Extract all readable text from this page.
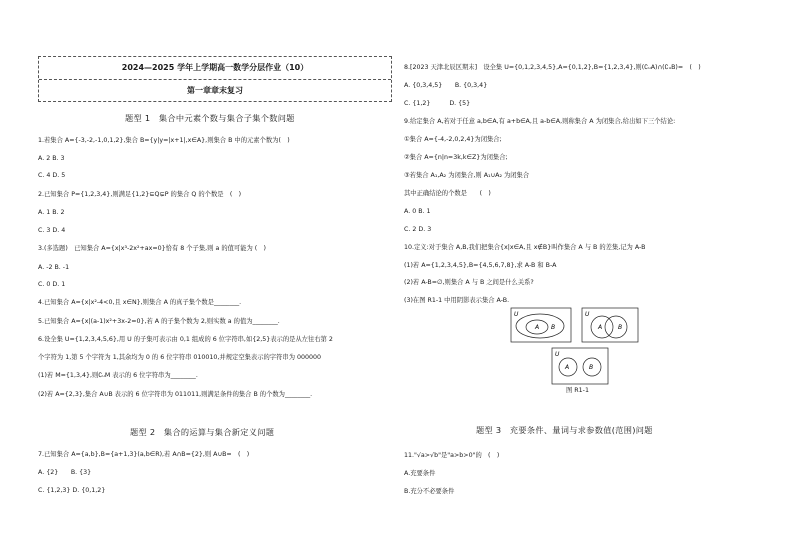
2024—2025 学年上学期高一数学分层作业（10）
第一章章末复习
题型 1　集合中元素个数与集合子集个数问题
1.若集合 A={-3,-2,-1,0,1,2},集合 B={y|y=|x+1|,x∈A},则集合 B 中的元素个数为(　)
A. 2 B. 3
C. 4 D. 5
2.已知集合 P={1,2,3,4},则满足{1,2}⊆Q⊊P 的集合 Q 的个数是　(　)
A. 1 B. 2
C. 3 D. 4
3.(多选题)　已知集合 A={x|x³-2x²+ax=0}恰有 8 个子集,则 a 的值可能为 (　)
A. -2 B. -1
C. 0 D. 1
4.已知集合 A={x|x²-4<0,且 x∈N},则集合 A 的真子集个数是________.
5.已知集合 A={x|(a-1)x²+3x-2=0},若 A 的子集个数为 2,则实数 a 的值为________.
6.设全集 U={1,2,3,4,5,6},用 U 的子集可表示由 0,1 组成的 6 位字符串,如{2,5}表示的是从左往右第 2
个字符为 1,第 5 个字符为 1,其余均为 0 的 6 位字符串 010010,并规定空集表示的字符串为 000000
(1)若 M={1,3,4},则∁ᵤM 表示的 6 位字符串为________.
(2)若 A={2,3},集合 A∪B 表示的 6 位字符串为 011011,则满足条件的集合 B 的个数为________.
题型 2　集合的运算与集合新定义问题
7.已知集合 A={a,b},B={a+1,3}(a,b∈R),若 A∩B={2},则 A∪B=　(　)
A. {2}　　B. {3}
C. {1,2,3} D. {0,1,2}
8.[2023 天津北辰区期末]　设全集 U={0,1,2,3,4,5},A={0,1,2},B={1,2,3,4},则(∁ᵤA)∩(∁ᵤB)=　(　)
A. {0,3,4,5}　　B. {0,3,4}
C. {1,2}　　　D. {5}
9.给定集合 A,若对于任意 a,b∈A,有 a+b∈A,且 a-b∈A,则称集合 A 为闭集合,给出如下三个结论:
①集合 A={-4,-2,0,2,4}为闭集合;
②集合 A={n|n=3k,k∈Z}为闭集合;
③若集合 A₁,A₂ 为闭集合,则 A₁∪A₂ 为闭集合
其中正确结论的个数是　　(　)
A. 0 B. 1
C. 2 D. 3
10.定义:对于集合 A,B,我们把集合{x|x∈A,且 x∉B}叫作集合 A 与 B 的差集,记为 A-B
(1)若 A={1,2,3,4,5},B={4,5,6,7,8},求 A-B 和 B-A
(2)若 A-B=∅,则集合 A 与 B 之间是什么关系?
(3)在图 R1-1 中用阴影表示集合 A-B.
U
A B
U
A	B
U
A	B
图 R1-1
题型 3　充要条件、量词与求参数值(范围)问题
11."√a>√b"是"a>b>0"的　(　)
A.充要条件
B.充分不必要条件
